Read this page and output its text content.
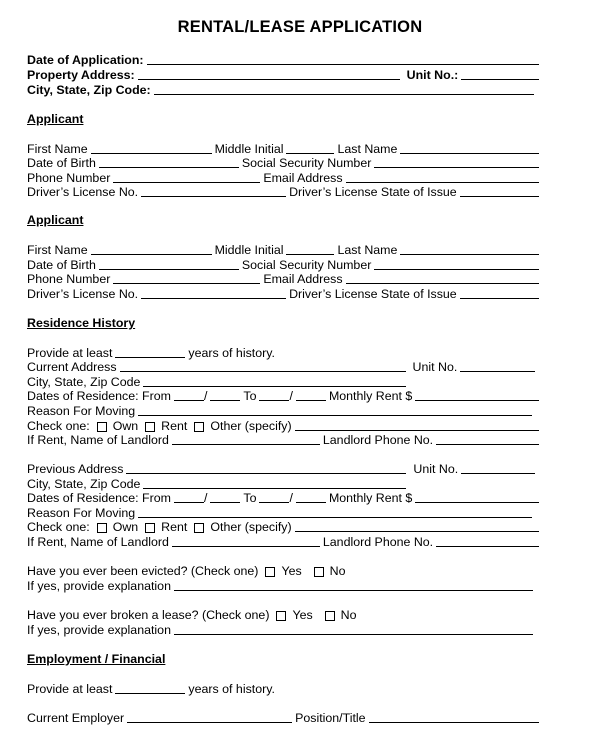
RENTAL/LEASE APPLICATION
Date of Application:
Property Address:	Unit No.:
City, State, Zip Code:
Applicant
First Name	Middle Initial	Last Name
Date of Birth	Social Security Number
Phone Number	Email Address
Driver’s License No.	Driver’s License State of Issue
Applicant
First Name	Middle Initial	Last Name
Date of Birth	Social Security Number
Phone Number	Email Address
Driver’s License No.	Driver’s License State of Issue
Residence History
Provide at least	years of history.
Current Address	Unit No.
City, State, Zip Code
Dates of Residence: From	/	To	/	Monthly Rent $
Reason For Moving
Check one: Own Rent Other (specify)
If Rent, Name of Landlord	Landlord Phone No.
Previous Address	Unit No.
City, State, Zip Code
Dates of Residence: From	/	To	/	Monthly Rent $
Reason For Moving
Check one: Own Rent Other (specify)
If Rent, Name of Landlord	Landlord Phone No.
Have you ever been evicted? (Check one) Yes	No
If yes, provide explanation
Have you ever broken a lease? (Check one) Yes	No
If yes, provide explanation
Employment / Financial
Provide at least	years of history.
Current Employer	Position/Title
